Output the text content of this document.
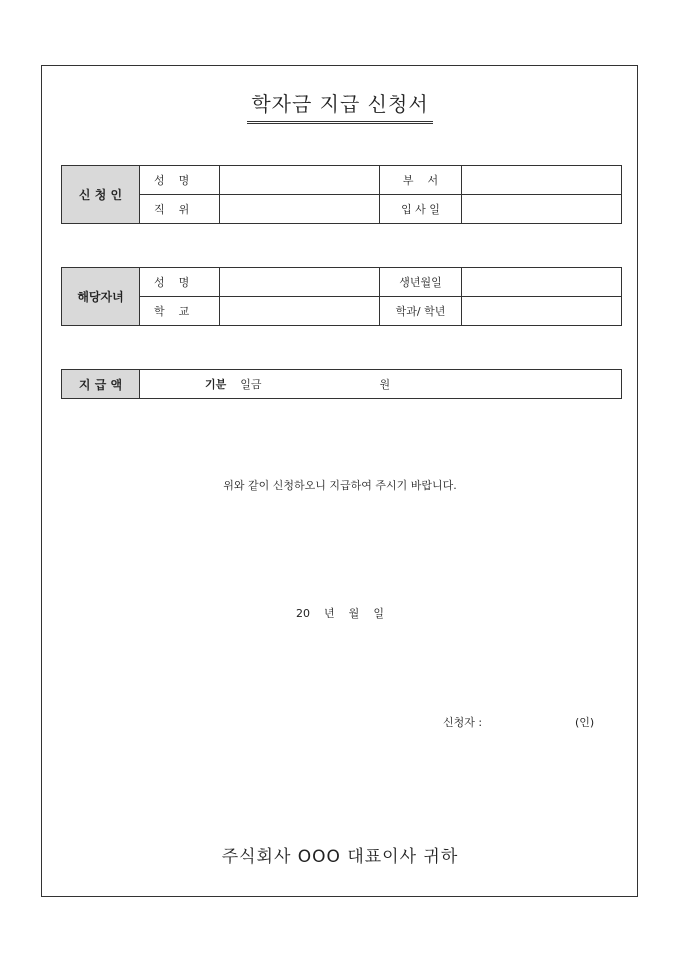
학자금 지급 신청서
신 청 인	성    명		부    서	
	직    위		입 사 일	
해당자녀	성    명		생년월일	
	학    교		학과/ 학년	
지 급 액	기분 일금	원
위와 같이 신청하오니 지급하여 주시기 바랍니다.
20 년 월 일
신청자 :	(인)
주식회사 OOO 대표이사 귀하
